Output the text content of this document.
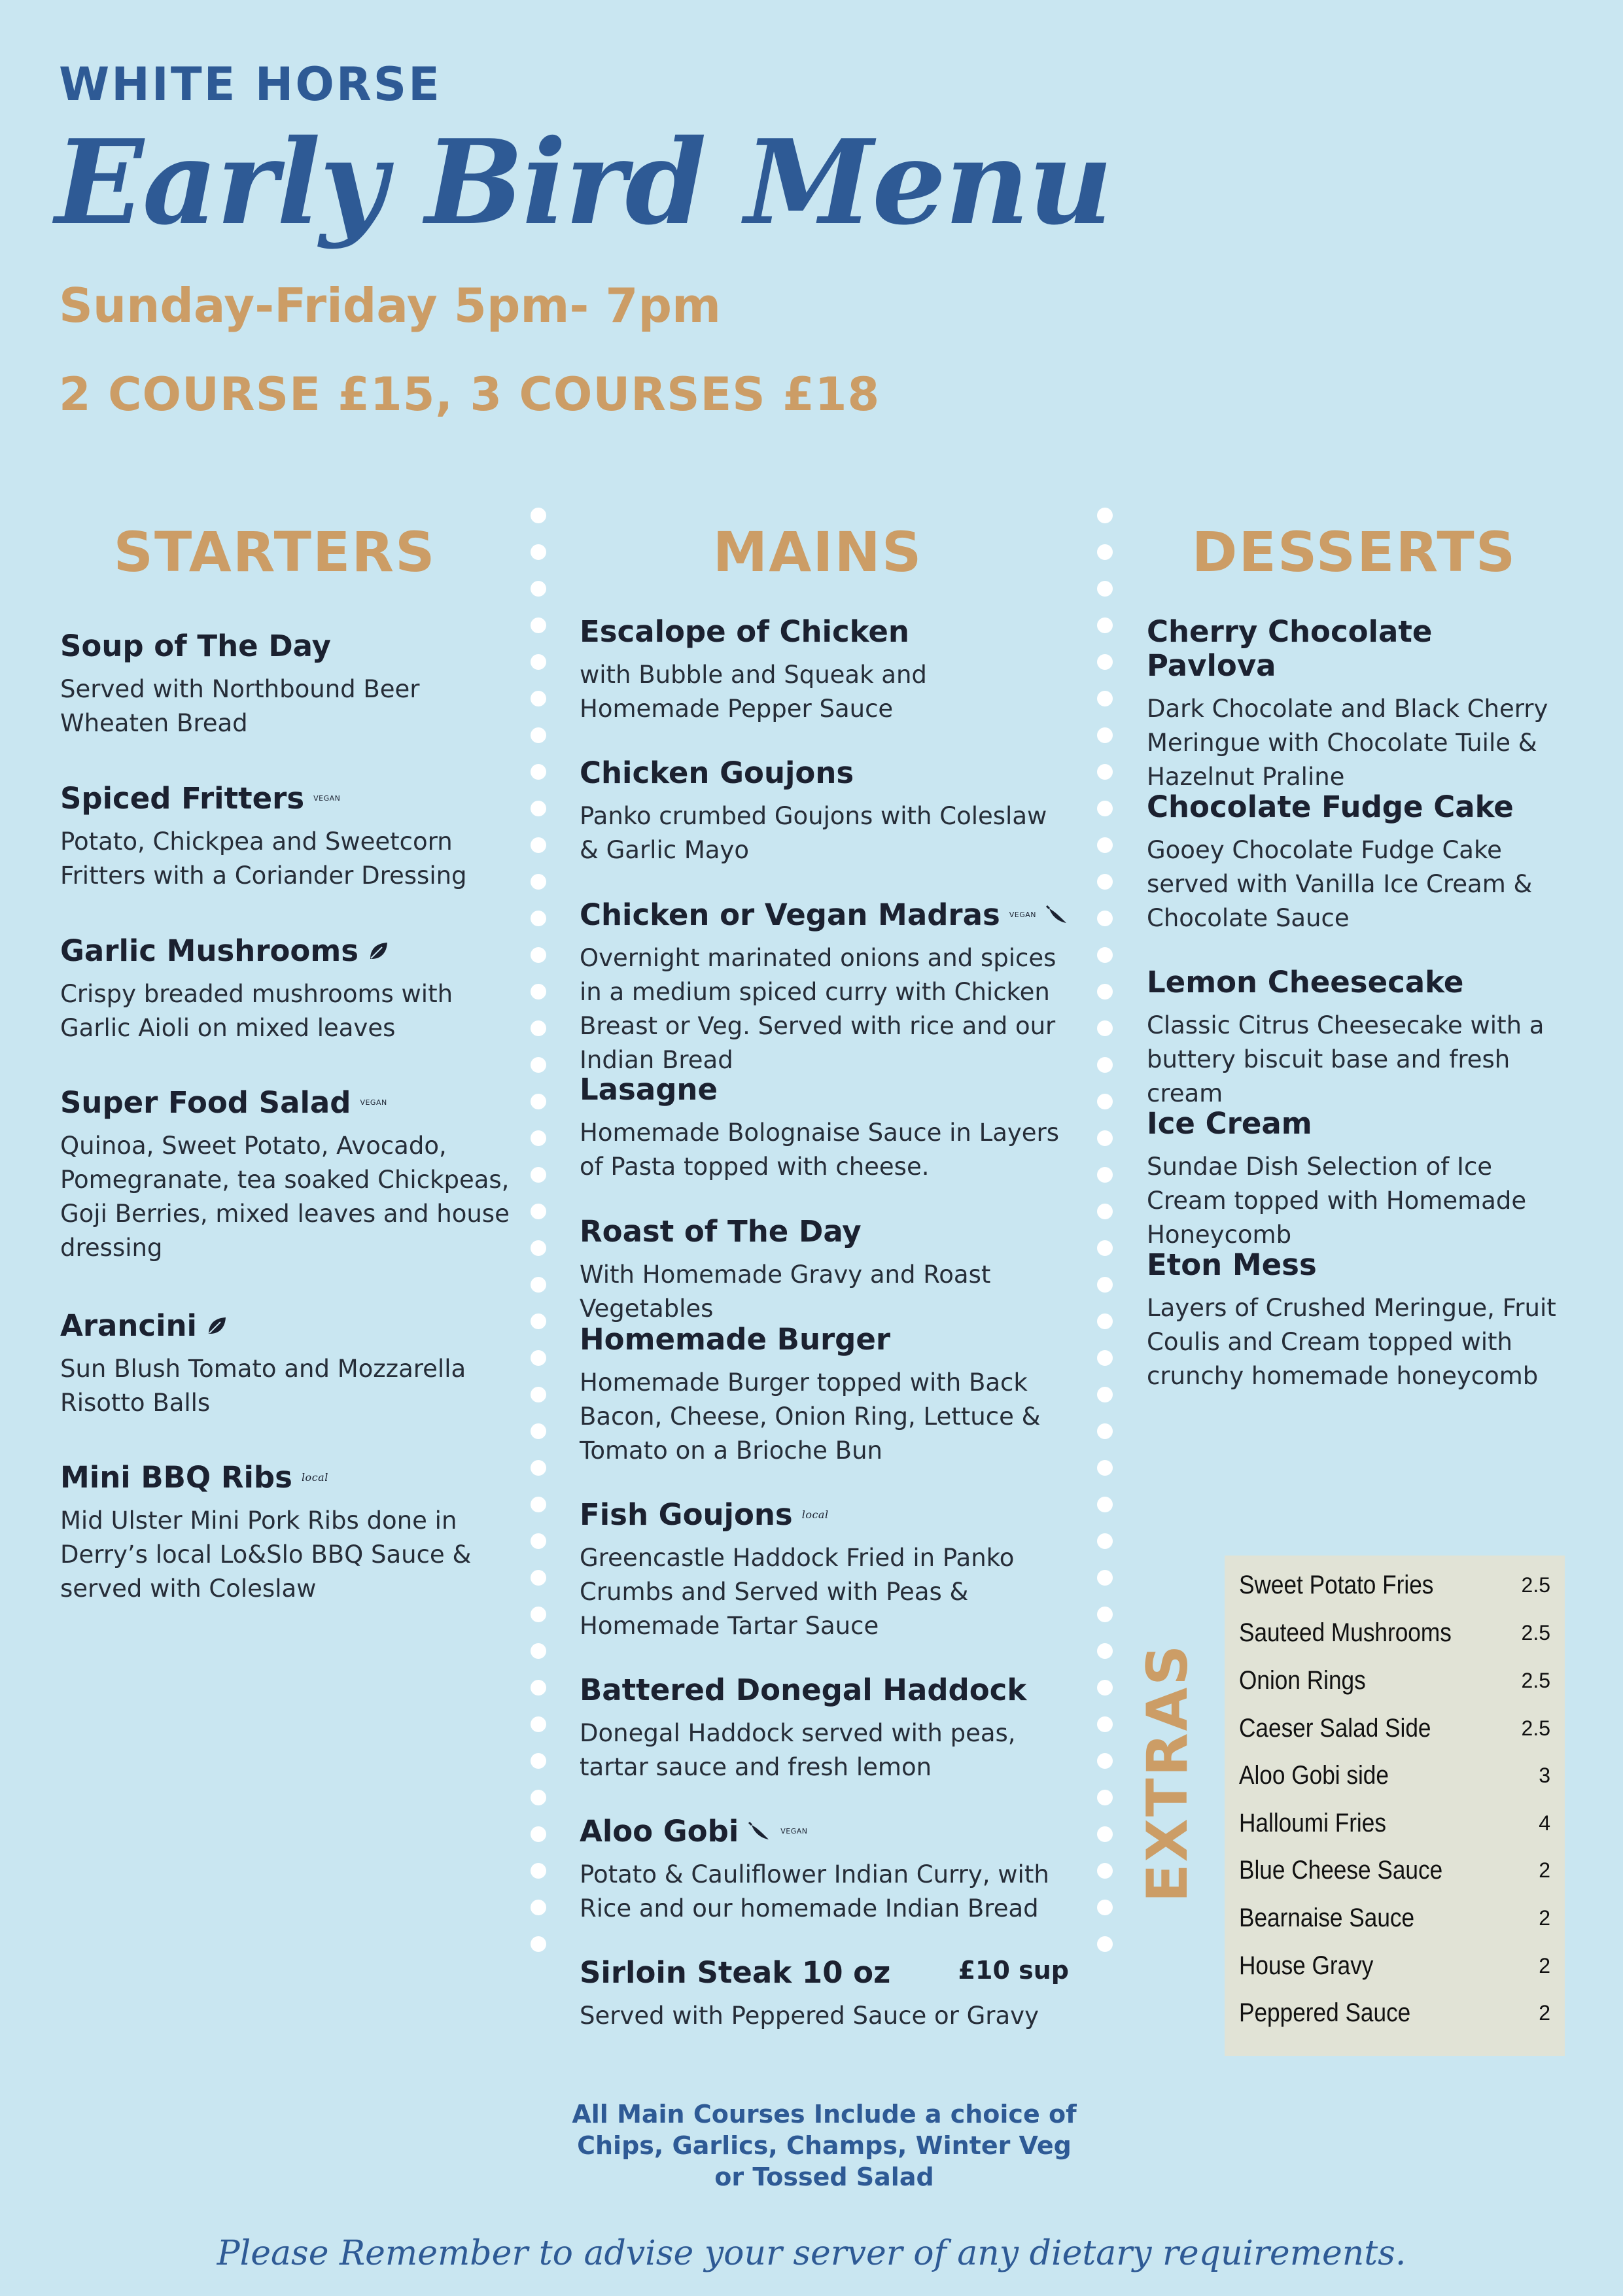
WHITE HORSE
Early Bird Menu
Sunday-Friday 5pm- 7pm
2 COURSE £15, 3 COURSES £18
STARTERS	MAINS	DESSERTS
Soup of The Day
Served with Northbound Beer Wheaten Bread
Spiced Fritters VEGAN
Potato, Chickpea and Sweetcorn Fritters with a Coriander Dressing
Garlic Mushrooms
Crispy breaded mushrooms with Garlic Aioli on mixed leaves
Super Food Salad VEGAN
Quinoa, Sweet Potato, Avocado, Pomegranate, tea soaked Chickpeas, Goji Berries, mixed leaves and house dressing
Arancini
Sun Blush Tomato and Mozzarella Risotto Balls
Mini BBQ Ribs local
Mid Ulster Mini Pork Ribs done in Derry’s local Lo&Slo BBQ Sauce & served with Coleslaw
Escalope of Chicken
with Bubble and Squeak and Homemade Pepper Sauce
Chicken Goujons
Panko crumbed Goujons with Coleslaw & Garlic Mayo
Chicken or Vegan Madras VEGAN
Overnight marinated onions and spices in a medium spiced curry with Chicken Breast or Veg. Served with rice and our Indian Bread
Lasagne
Homemade Bolognaise Sauce in Layers of Pasta topped with cheese.
Roast of The Day
With Homemade Gravy and Roast Vegetables
Homemade Burger
Homemade Burger topped with Back Bacon, Cheese, Onion Ring, Lettuce & Tomato on a Brioche Bun
Fish Goujons local
Greencastle Haddock Fried in Panko Crumbs and Served with Peas & Homemade Tartar Sauce
Battered Donegal Haddock
Donegal Haddock served with peas, tartar sauce and fresh lemon
Aloo Gobi	VEGAN
Potato & Cauliflower Indian Curry, with Rice and our homemade Indian Bread
Sirloin Steak 10 oz	£10 sup
Served with Peppered Sauce or Gravy
All Main Courses Include a choice of Chips, Garlics, Champs, Winter Veg or Tossed Salad
Cherry Chocolate Pavlova
Dark Chocolate and Black Cherry Meringue with Chocolate Tuile & Hazelnut Praline
Chocolate Fudge Cake
Gooey Chocolate Fudge Cake served with Vanilla Ice Cream & Chocolate Sauce
Lemon Cheesecake
Classic Citrus Cheesecake with a buttery biscuit base and fresh cream
Ice Cream
Sundae Dish Selection of Ice Cream topped with Homemade Honeycomb
Eton Mess
Layers of Crushed Meringue, Fruit Coulis and Cream topped with crunchy homemade honeycomb
EXTRAS
Sweet Potato Fries	2.5
Sauteed Mushrooms	2.5
Onion Rings	2.5
Caeser Salad Side	2.5
Aloo Gobi side	3
Halloumi Fries	4
Blue Cheese Sauce	2
Bearnaise Sauce	2
House Gravy	2
Peppered Sauce	2
Please Remember to advise your server of any dietary requirements.
